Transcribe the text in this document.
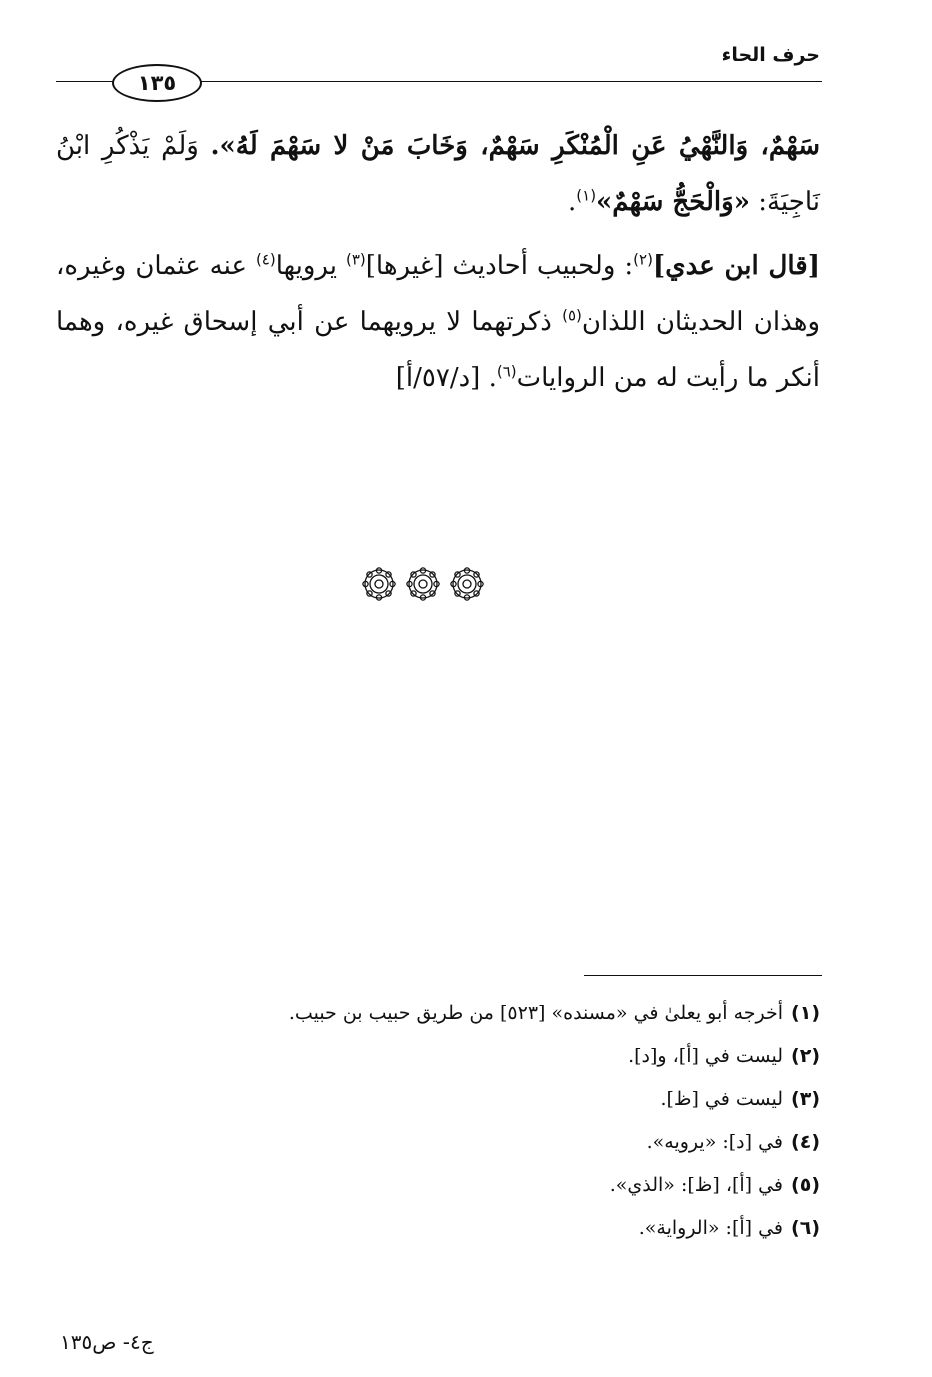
حرف الحاء
١٣٥

سَهْمٌ، وَالنَّهْيُ عَنِ الْمُنْكَرِ سَهْمٌ، وَخَابَ مَنْ لا سَهْمَ لَهُ». وَلَمْ يَذْكُرِ ابْنُ نَاجِيَةَ: «وَالْحَجُّ سَهْمٌ»$^{(١)}$.

[قال ابن عدي]$^{(٢)}$: ولحبيب أحاديث [غيرها]$^{(٣)}$ يرويها$^{(٤)}$ عنه عثمان وغيره، وهذان الحديثان اللذان$^{(٥)}$ ذكرتهما لا يرويهما عن أبي إسحاق غيره، وهما أنكر ما رأيت له من الروايات$^{(٦)}$. [د/٥٧/أ]

(١)أخرجه أبو يعلىٰ في «مسنده» [٥٢٣] من طريق حبيب بن حبيب.
(٢)ليست في [أ]، و[د].
(٣)ليست في [ظ].
(٤)في [د]: «يرويه».
(٥)في [أ]، [ظ]: «الذي».
(٦)في [أ]: «الرواية».
ج٤- ص١٣٥
